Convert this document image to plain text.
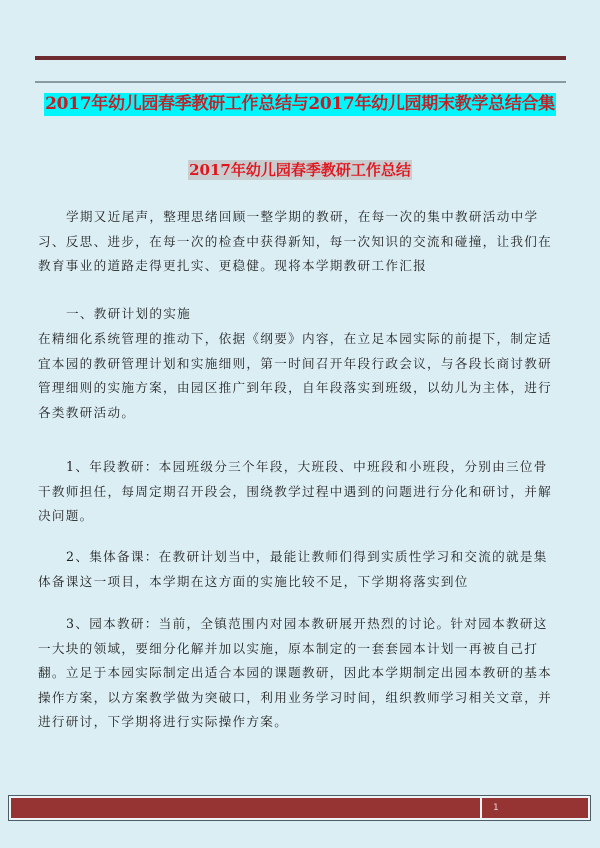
2017年幼儿园春季教研工作总结与2017年幼儿园期末教学总结合集
2017年幼儿园春季教研工作总结

学期又近尾声，整理思绪回顾一整学期的教研，在每一次的集中教研活动中学习、反思、进步，在每一次的检查中获得新知，每一次知识的交流和碰撞，让我们在教育事业的道路走得更扎实、更稳健。现将本学期教研工作汇报

一、教研计划的实施

在精细化系统管理的推动下，依据《纲要》内容，在立足本园实际的前提下，制定适宜本园的教研管理计划和实施细则，第一时间召开年段行政会议，与各段长商讨教研管理细则的实施方案，由园区推广到年段，自年段落实到班级，以幼儿为主体，进行各类教研活动。

1、年段教研：本园班级分三个年段，大班段、中班段和小班段，分别由三位骨干教师担任，每周定期召开段会，围绕教学过程中遇到的问题进行分化和研讨，并解决问题。

2、集体备课：在教研计划当中，最能让教师们得到实质性学习和交流的就是集体备课这一项目，本学期在这方面的实施比较不足，下学期将落实到位

3、园本教研：当前，全镇范围内对园本教研展开热烈的讨论。针对园本教研这一大块的领域，要细分化解并加以实施，原本制定的一套套园本计划一再被自己打翻。立足于本园实际制定出适合本园的课题教研，因此本学期制定出园本教研的基本操作方案，以方案教学做为突破口，利用业务学习时间，组织教师学习相关文章，并进行研讨，下学期将进行实际操作方案。

1
